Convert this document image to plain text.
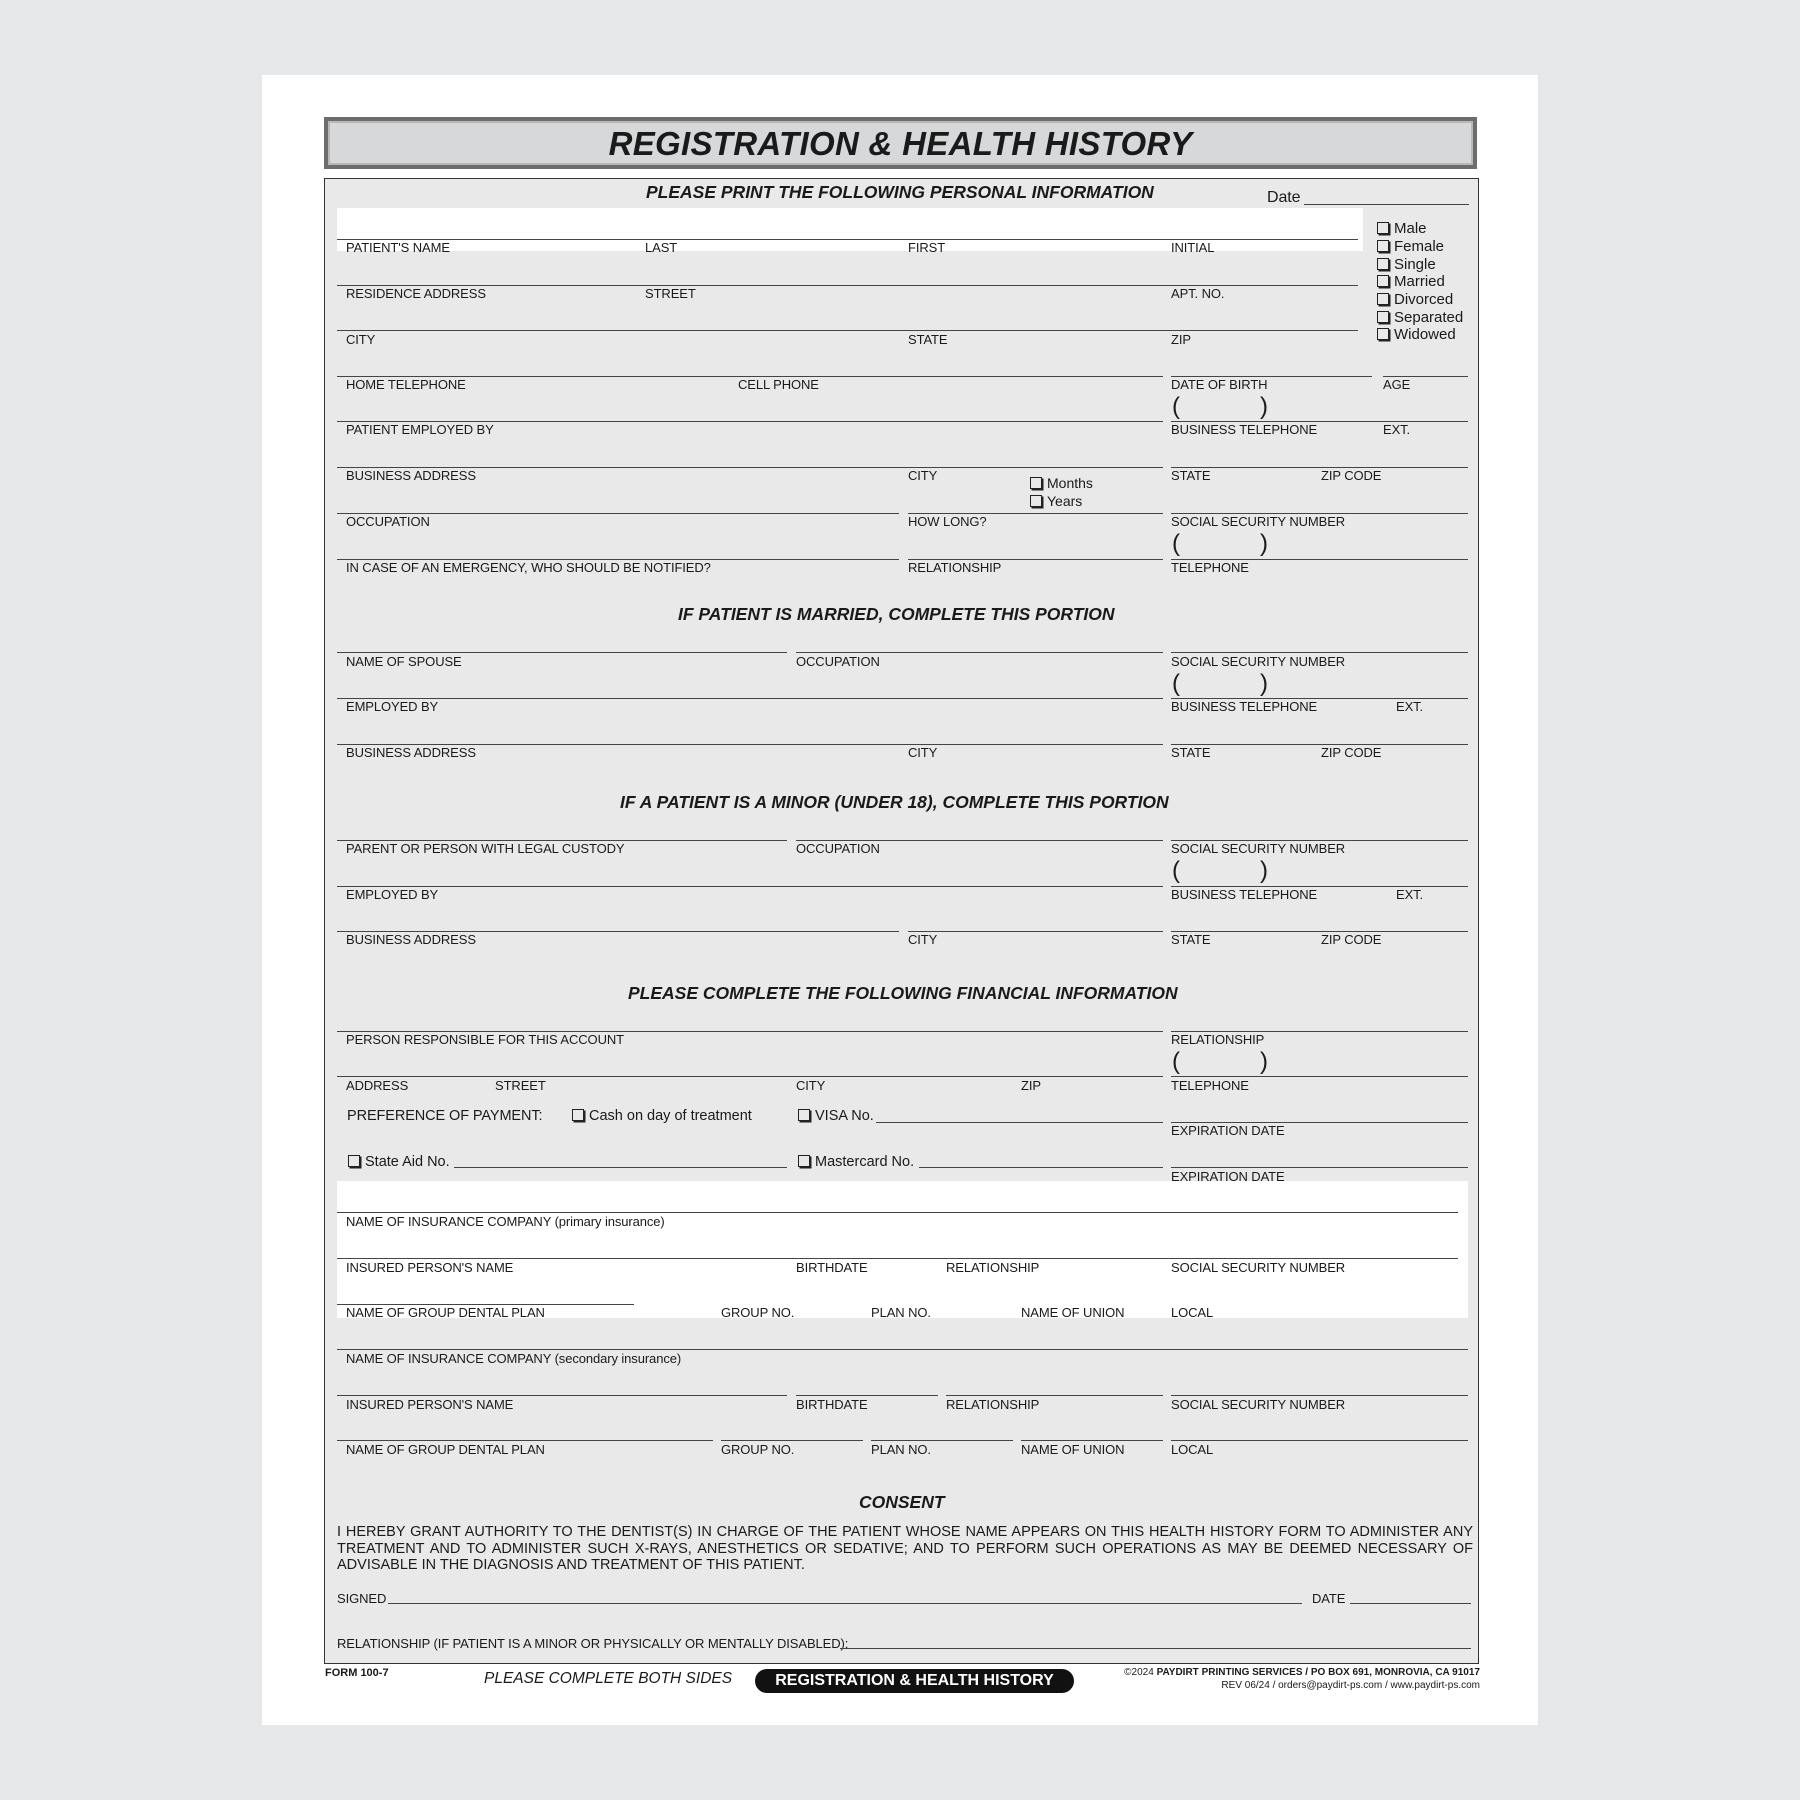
REGISTRATION & HEALTH HISTORY
PLEASE PRINT THE FOLLOWING PERSONAL INFORMATION	Date
Male
Female
Single
Married
Divorced
Separated
Widowed
PATIENT'S NAME	LAST	FIRST	INITIAL
RESIDENCE ADDRESS	STREET	APT. NO.
CITY	STATE	ZIP
HOME TELEPHONE	CELL PHONE	DATE OF BIRTH	AGE
(	)
PATIENT EMPLOYED BY	BUSINESS TELEPHONE	EXT.
BUSINESS ADDRESS	CITY	STATE	ZIP CODE
Months
Years
OCCUPATION	HOW LONG?	SOCIAL SECURITY NUMBER
(	)
IN CASE OF AN EMERGENCY, WHO SHOULD BE NOTIFIED?	RELATIONSHIP	TELEPHONE
IF PATIENT IS MARRIED, COMPLETE THIS PORTION
NAME OF SPOUSE	OCCUPATION	SOCIAL SECURITY NUMBER
(	)
EMPLOYED BY	BUSINESS TELEPHONE	EXT.
BUSINESS ADDRESS	CITY	STATE	ZIP CODE
IF A PATIENT IS A MINOR (UNDER 18), COMPLETE THIS PORTION
PARENT OR PERSON WITH LEGAL CUSTODY	OCCUPATION	SOCIAL SECURITY NUMBER
(	)
EMPLOYED BY	BUSINESS TELEPHONE	EXT.
BUSINESS ADDRESS	CITY	STATE	ZIP CODE
PLEASE COMPLETE THE FOLLOWING FINANCIAL INFORMATION
PERSON RESPONSIBLE FOR THIS ACCOUNT	RELATIONSHIP
(	)
ADDRESS	STREET	CITY	ZIP	TELEPHONE
PREFERENCE OF PAYMENT:	Cash on day of treatment	VISA No.
EXPIRATION DATE
State Aid No.	Mastercard No.
EXPIRATION DATE
NAME OF INSURANCE COMPANY (primary insurance)
INSURED PERSON'S NAME	BIRTHDATE	RELATIONSHIP	SOCIAL SECURITY NUMBER
NAME OF GROUP DENTAL PLAN	GROUP NO.	PLAN NO.	NAME OF UNION	LOCAL
NAME OF INSURANCE COMPANY (secondary insurance)
INSURED PERSON'S NAME	BIRTHDATE	RELATIONSHIP	SOCIAL SECURITY NUMBER
NAME OF GROUP DENTAL PLAN	GROUP NO.	PLAN NO.	NAME OF UNION	LOCAL
CONSENT
I HEREBY GRANT AUTHORITY TO THE DENTIST(S) IN CHARGE OF THE PATIENT WHOSE NAME APPEARS ON THIS HEALTH HISTORY FORM TO ADMINISTER ANY TREATMENT AND TO ADMINISTER SUCH X-RAYS, ANESTHETICS OR SEDATIVE; AND TO PERFORM SUCH OPERATIONS AS MAY BE DEEMED NECESSARY OF ADVISABLE IN THE DIAGNOSIS AND TREATMENT OF THIS PATIENT.
SIGNED	DATE
RELATIONSHIP (IF PATIENT IS A MINOR OR PHYSICALLY OR MENTALLY DISABLED):
FORM 100-7	PLEASE COMPLETE BOTH SIDES	REGISTRATION & HEALTH HISTORY	©2024 PAYDIRT PRINTING SERVICES / PO BOX 691, MONROVIA, CA 91017
REV 06/24 / orders@paydirt-ps.com / www.paydirt-ps.com
